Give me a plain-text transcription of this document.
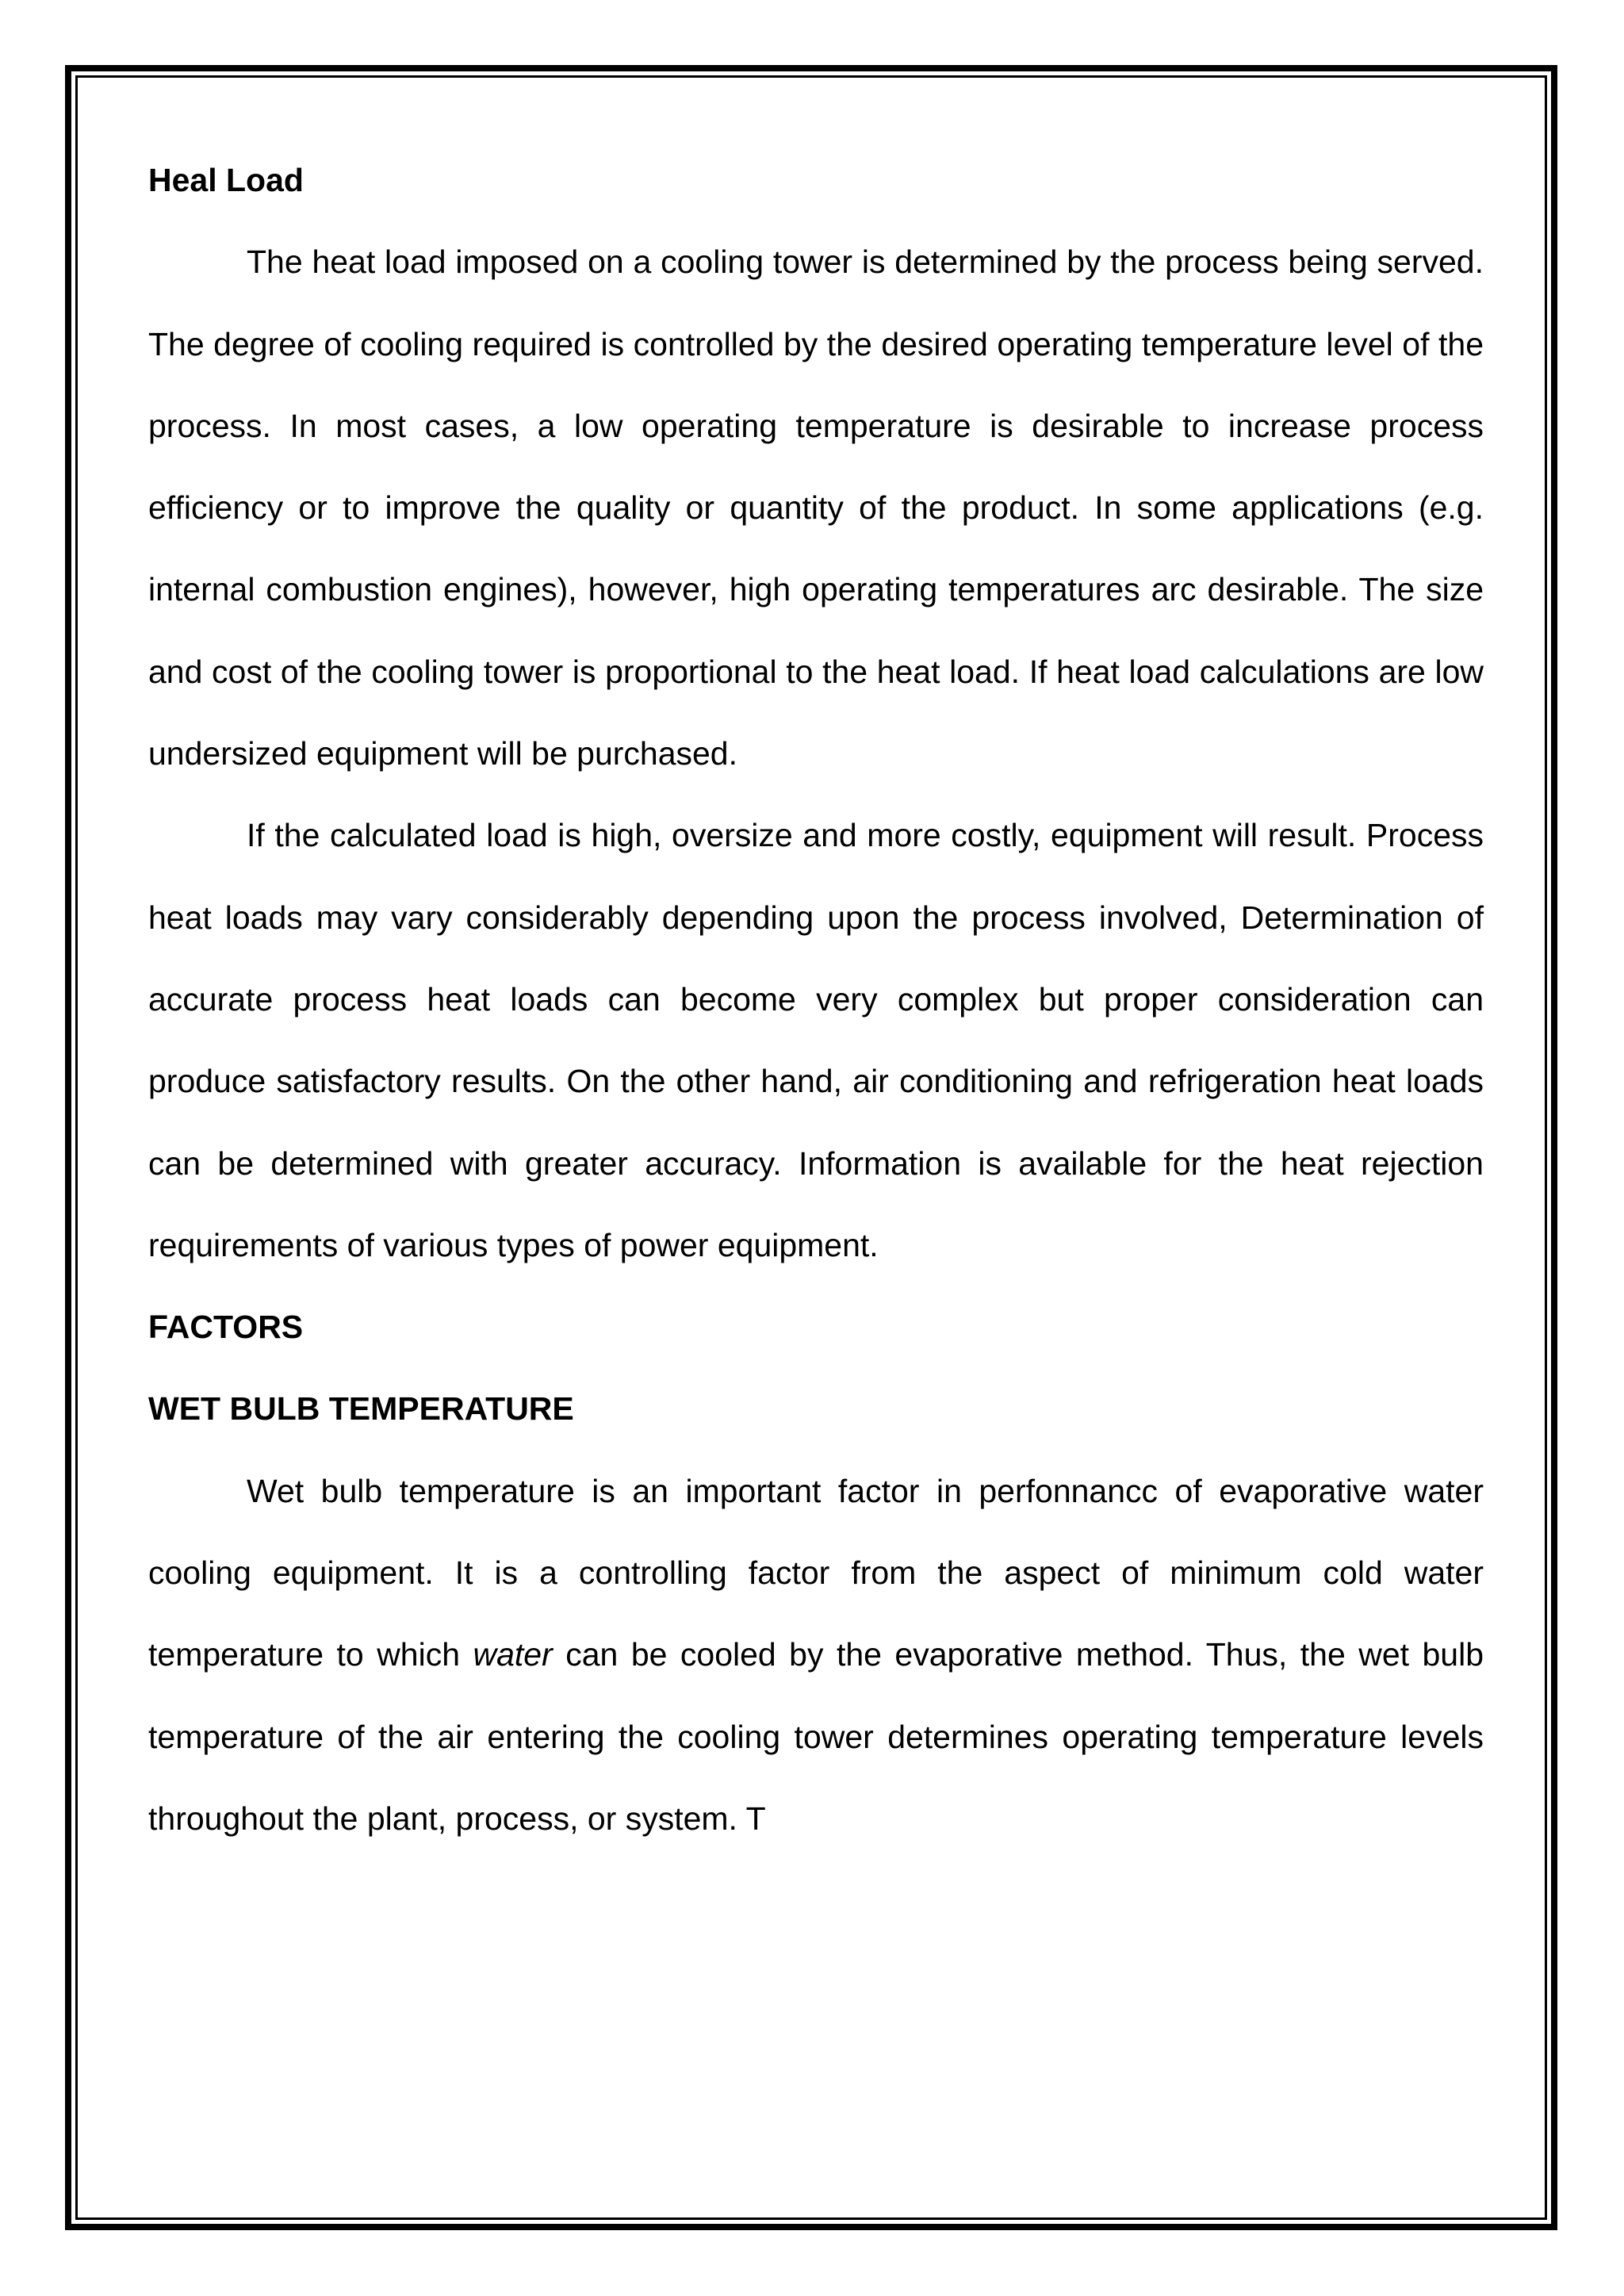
Heal Load

The heat load imposed on a cooling tower is determined by the process being served. The degree of cooling required is controlled by the desired operating temperature level of the process. In most cases, a low operating temperature is desirable to increase process efficiency or to improve the quality or quantity of the product. In some applications (e.g. internal combustion engines), however, high operating temperatures arc desirable. The size and cost of the cooling tower is proportional to the heat load. If heat load calculations are low undersized equipment will be purchased.

If the calculated load is high, oversize and more costly, equipment will result. Process heat loads may vary considerably depending upon the process involved, Determination of accurate process heat loads can become very complex but proper consideration can produce satisfactory results. On the other hand, air conditioning and refrigeration heat loads can be determined with greater accuracy. Information is available for the heat rejection requirements of various types of power equipment.

FACTORS
WET BULB TEMPERATURE

Wet bulb temperature is an important factor in perfonnancc of evaporative water cooling equipment. It is a controlling factor from the aspect of minimum cold water temperature to which water can be cooled by the evaporative method. Thus, the wet bulb temperature of the air entering the cooling tower determines operating temperature levels throughout the plant, process, or system. T
